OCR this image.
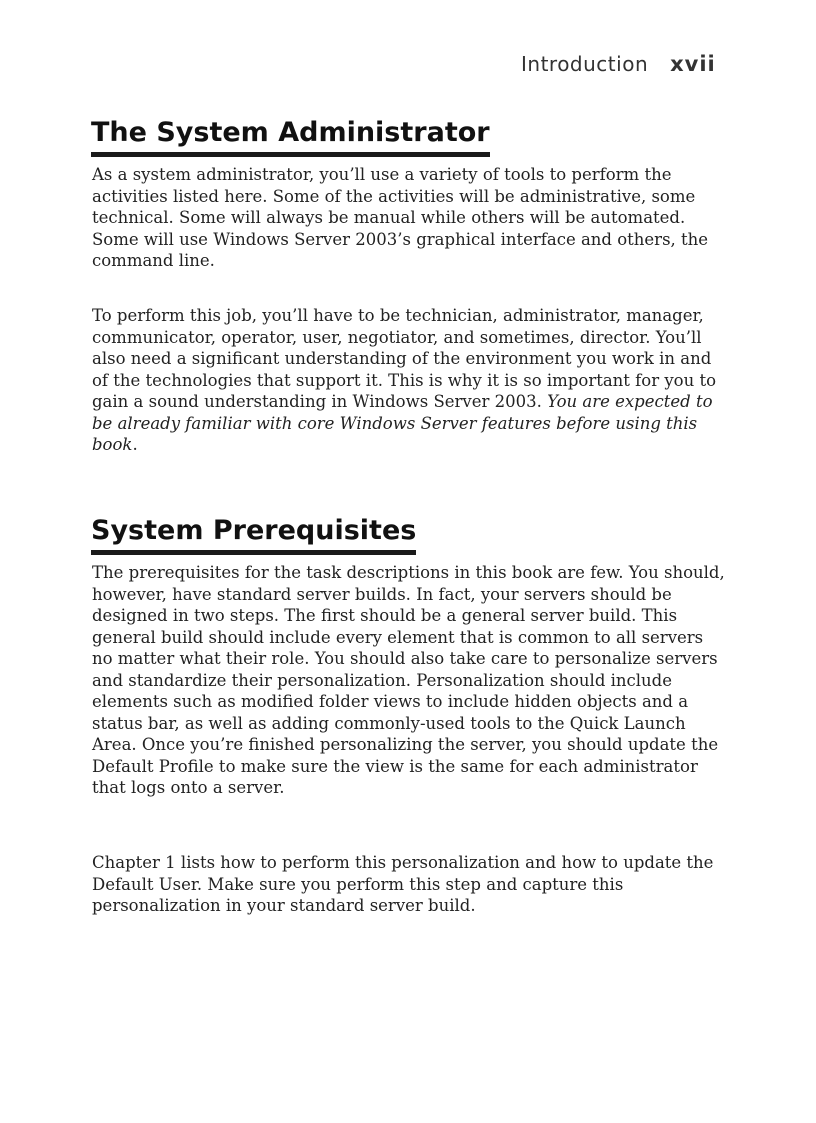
Introduction xvii
The System Administrator

As a system administrator, you’ll use a variety of tools to perform the activities listed here. Some of the activities will be administrative, some technical. Some will always be manual while others will be automated. Some will use Windows Server 2003’s graphical interface and others, the command line.

To perform this job, you’ll have to be technician, administrator, manager, communicator, operator, user, negotiator, and sometimes, director. You’ll also need a significant understanding of the environment you work in and of the technologies that support it. This is why it is so important for you to gain a sound understanding in Windows Server 2003. You are expected to be already familiar with core Windows Server features before using this book.

System Prerequisites

The prerequisites for the task descriptions in this book are few. You should, however, have standard server builds. In fact, your servers should be designed in two steps. The first should be a general server build. This general build should include every element that is common to all servers no matter what their role. You should also take care to personalize servers and standardize their personalization. Personalization should include elements such as modified folder views to include hidden objects and a status bar, as well as adding commonly-used tools to the Quick Launch Area. Once you’re finished personalizing the server, you should update the Default Profile to make sure the view is the same for each administrator that logs onto a server.

Chapter 1 lists how to perform this personalization and how to update the Default User. Make sure you perform this step and capture this personalization in your standard server build.
